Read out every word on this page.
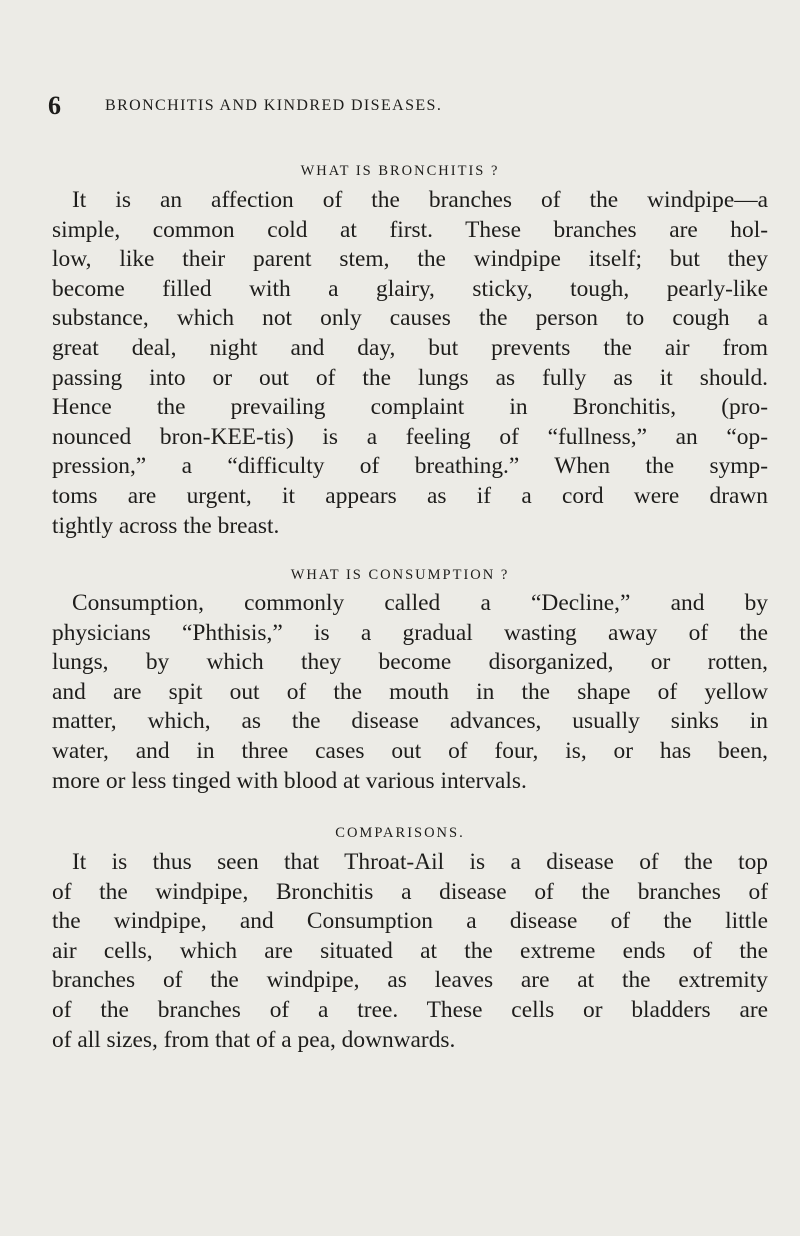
6	BRONCHITIS AND KINDRED DISEASES.
WHAT IS BRONCHITIS ?
It is an affection of the branches of the windpipe—a
simple, common cold at first. These branches are hol-
low, like their parent stem, the windpipe itself; but they
become filled with a glairy, sticky, tough, pearly-like
substance, which not only causes the person to cough a
great deal, night and day, but prevents the air from
passing into or out of the lungs as fully as it should.
Hence the prevailing complaint in Bronchitis, (pro-
nounced bron-KEE-tis) is a feeling of “fullness,” an “op-
pression,” a “difficulty of breathing.” When the symp-
toms are urgent, it appears as if a cord were drawn
tightly across the breast.
WHAT IS CONSUMPTION ?
Consumption, commonly called a “Decline,” and by
physicians “Phthisis,” is a gradual wasting away of the
lungs, by which they become disorganized, or rotten,
and are spit out of the mouth in the shape of yellow
matter, which, as the disease advances, usually sinks in
water, and in three cases out of four, is, or has been,
more or less tinged with blood at various intervals.
COMPARISONS.
It is thus seen that Throat-Ail is a disease of the top
of the windpipe, Bronchitis a disease of the branches of
the windpipe, and Consumption a disease of the little
air cells, which are situated at the extreme ends of the
branches of the windpipe, as leaves are at the extremity
of the branches of a tree. These cells or bladders are
of all sizes, from that of a pea, downwards.
